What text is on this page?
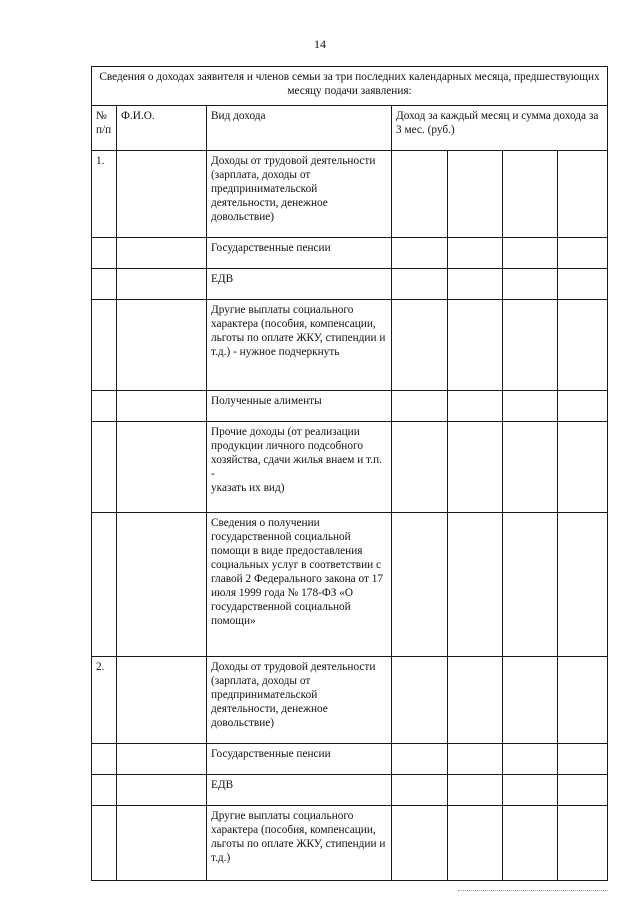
14
Сведения о доходах заявителя и членов семьи за три последних календарных месяца, предшествующих месяцу подачи заявления:						
№ п/п	Ф.И.О.	Вид дохода	Доход за каждый месяц и сумма дохода за 3 мес. (руб.)			
1.		Доходы от трудовой деятельности (зарплата, доходы от предпринимательской деятельности, денежное довольствие)				
		Государственные пенсии				
		ЕДВ				
		Другие выплаты социального характера (пособия, компенсации, льготы по оплате ЖКУ, стипендии и т.д.) - нужное подчеркнуть				
		Полученные алименты				
		Прочие доходы (от реализации продукции личного подсобного хозяйства, сдачи жилья внаем и т.п. -
указать их вид)				
		Сведения о получении государственной социальной помощи в виде предоставления социальных услуг в соответствии с главой 2 Федерального закона от 17 июля 1999 года № 178-ФЗ «О государственной социальной помощи»				
2.		Доходы от трудовой деятельности (зарплата, доходы от предпринимательской деятельности, денежное довольствие)				
		Государственные пенсии				
		ЕДВ				
		Другие выплаты социального характера (пособия, компенсации, льготы по оплате ЖКУ, стипендии и т.д.)				
